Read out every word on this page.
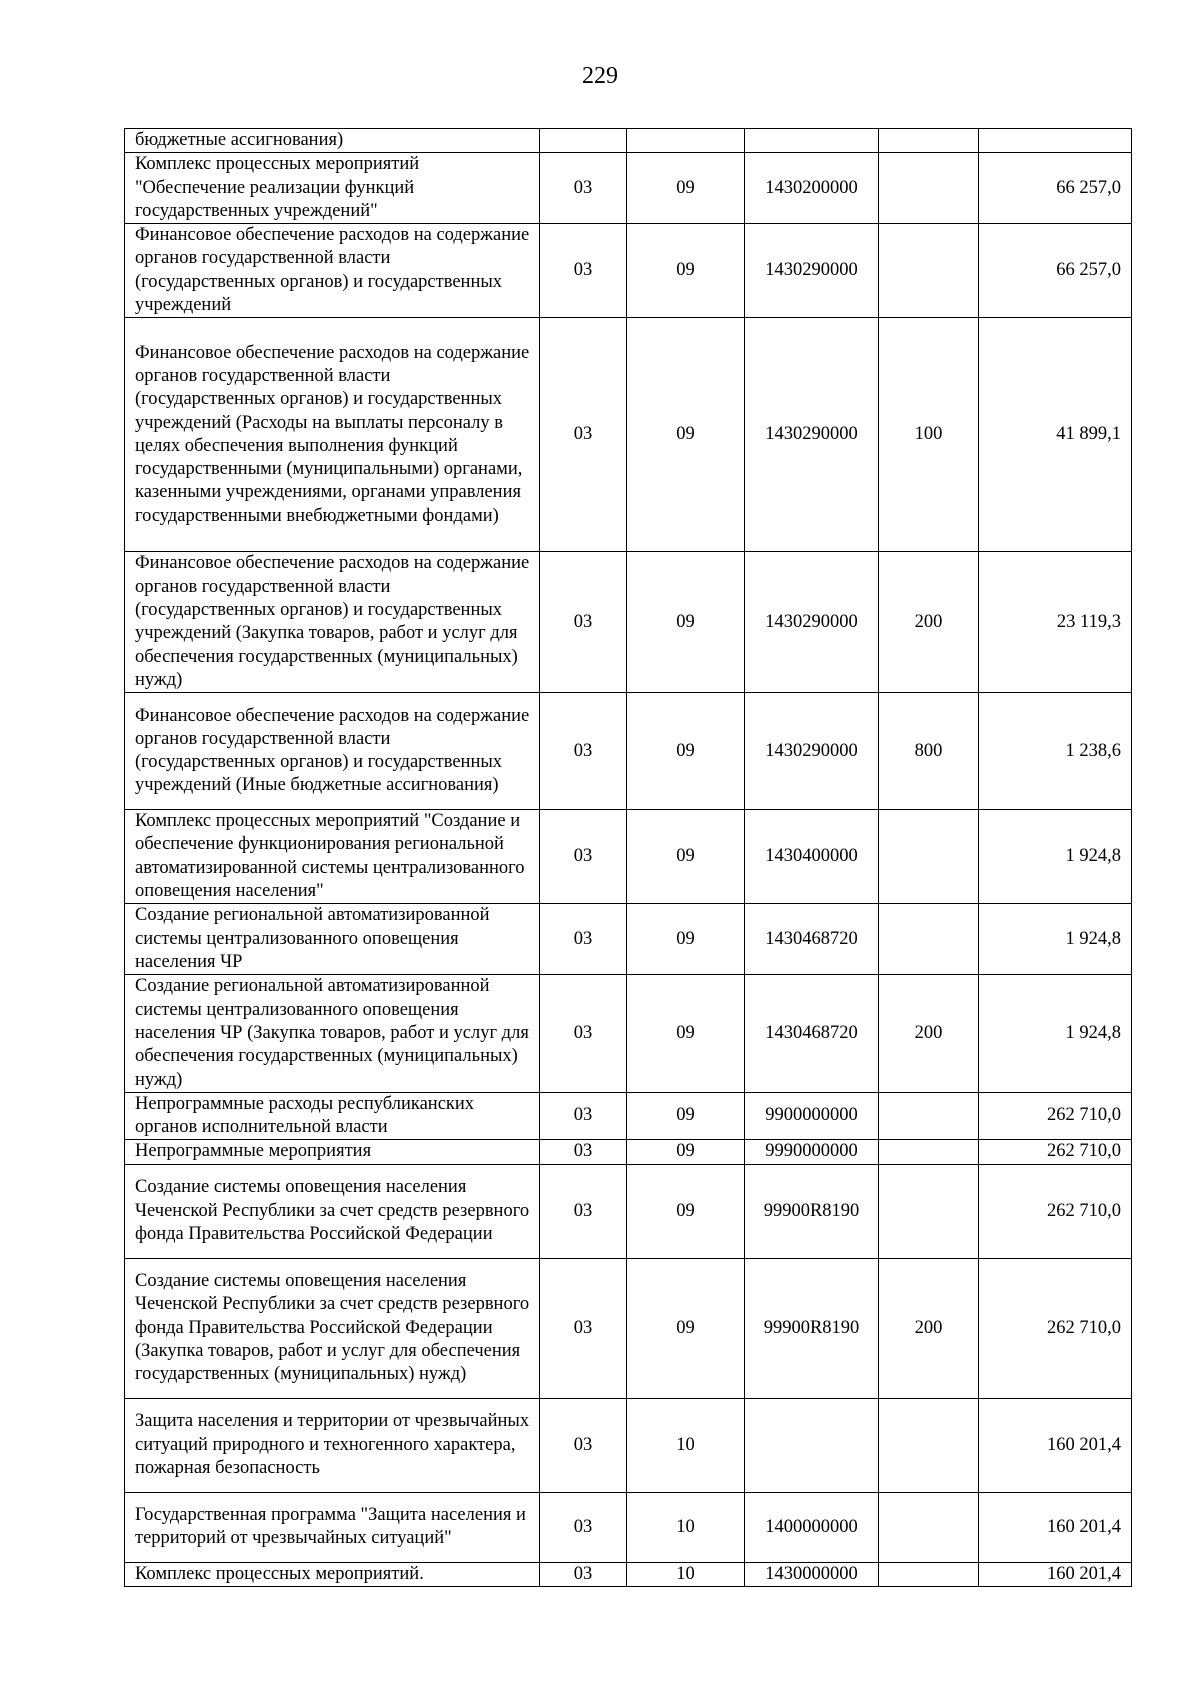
229
бюджетные ассигнования)					
Комплекс процессных мероприятий "Обеспечение реализации функций государственных учреждений"	03	09	1430200000		66 257,0
Финансовое обеспечение расходов на содержание органов государственной власти (государственных органов) и государственных учреждений	03	09	1430290000		66 257,0
Финансовое обеспечение расходов на содержание органов государственной власти (государственных органов) и государственных учреждений (Расходы на выплаты персоналу в целях обеспечения выполнения функций государственными (муниципальными) органами, казенными учреждениями, органами управления государственными внебюджетными фондами)	03	09	1430290000	100	41 899,1
Финансовое обеспечение расходов на содержание органов государственной власти (государственных органов) и государственных учреждений (Закупка товаров, работ и услуг для обеспечения государственных (муниципальных) нужд)	03	09	1430290000	200	23 119,3
Финансовое обеспечение расходов на содержание органов государственной власти (государственных органов) и государственных учреждений (Иные бюджетные ассигнования)	03	09	1430290000	800	1 238,6
Комплекс процессных мероприятий "Создание и обеспечение функционирования региональной автоматизированной системы централизованного оповещения населения"	03	09	1430400000		1 924,8
Создание региональной автоматизированной системы централизованного оповещения населения ЧР	03	09	1430468720		1 924,8
Создание региональной автоматизированной системы централизованного оповещения населения ЧР (Закупка товаров, работ и услуг для обеспечения государственных (муниципальных) нужд)	03	09	1430468720	200	1 924,8
Непрограммные расходы республиканских органов исполнительной власти	03	09	9900000000		262 710,0
Непрограммные мероприятия	03	09	9990000000		262 710,0
Создание системы оповещения населения Чеченской Республики за счет средств резервного фонда Правительства Российской Федерации	03	09	99900R8190		262 710,0
Создание системы оповещения населения Чеченской Республики за счет средств резервного фонда Правительства Российской Федерации (Закупка товаров, работ и услуг для обеспечения государственных (муниципальных) нужд)	03	09	99900R8190	200	262 710,0
Защита населения и территории от чрезвычайных ситуаций природного и техногенного характера, пожарная безопасность	03	10			160 201,4
Государственная программа "Защита населения и территорий от чрезвычайных ситуаций"	03	10	1400000000		160 201,4
Комплекс процессных мероприятий.	03	10	1430000000		160 201,4
